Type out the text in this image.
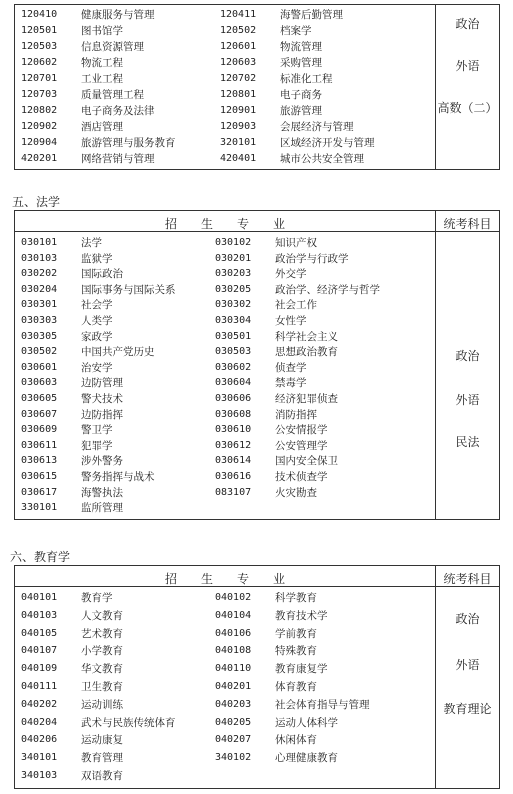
120410	健康服务与管理	120411	海警后勤管理
120501	图书馆学	120502	档案学
120503	信息资源管理	120601	物流管理
120602	物流工程	120603	采购管理
120701	工业工程	120702	标准化工程
120703	质量管理工程	120801	电子商务
120802	电子商务及法律	120901	旅游管理
120902	酒店管理	120903	会展经济与管理
120904	旅游管理与服务教育	320101	区域经济开发与管理
420201	网络营销与管理	420401	城市公共安全管理
政治
外语
高数（二）
五、法学
招　　生　　专　　业	统考科目
030101	法学	030102	知识产权
030103	监狱学	030201	政治学与行政学
030202	国际政治	030203	外交学
030204	国际事务与国际关系	030205	政治学、经济学与哲学
030301	社会学	030302	社会工作
030303	人类学	030304	女性学
030305	家政学	030501	科学社会主义
030502	中国共产党历史	030503	思想政治教育
030601	治安学	030602	侦查学
030603	边防管理	030604	禁毒学
030605	警犬技术	030606	经济犯罪侦查
030607	边防指挥	030608	消防指挥
030609	警卫学	030610	公安情报学
030611	犯罪学	030612	公安管理学
030613	涉外警务	030614	国内安全保卫
030615	警务指挥与战术	030616	技术侦查学
030617	海警执法	083107	火灾勘查
330101	监所管理
政治
外语
民法
六、教育学
招　　生　　专　　业	统考科目
040101	教育学	040102	科学教育
040103	人文教育	040104	教育技术学
040105	艺术教育	040106	学前教育
040107	小学教育	040108	特殊教育
040109	华文教育	040110	教育康复学
040111	卫生教育	040201	体育教育
040202	运动训练	040203	社会体育指导与管理
040204	武术与民族传统体育	040205	运动人体科学
040206	运动康复	040207	休闲体育
340101	教育管理	340102	心理健康教育
340103	双语教育
政治
外语
教育理论
